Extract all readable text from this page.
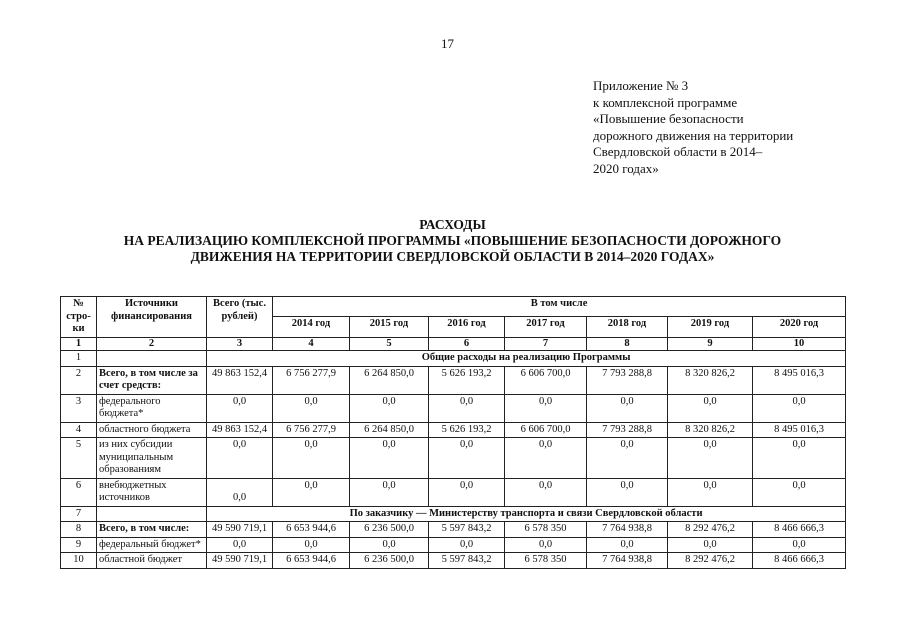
17
Приложение № 3
к комплексной программе
«Повышение безопасности
дорожного движения на территории
Свердловской области в 2014–
2020 годах»
РАСХОДЫ
НА РЕАЛИЗАЦИЮ КОМПЛЕКСНОЙ ПРОГРАММЫ «ПОВЫШЕНИЕ БЕЗОПАСНОСТИ ДОРОЖНОГО
ДВИЖЕНИЯ НА ТЕРРИТОРИИ СВЕРДЛОВСКОЙ ОБЛАСТИ В 2014–2020 ГОДАХ»
№ стро-ки	Источники финансирования	Всего (тыс. рублей)	В том числе						
			2014 год	2015 год	2016 год	2017 год	2018 год	2019 год	2020 год
1	2	3	4	5	6	7	8	9	10
1		Общие расходы на реализацию Программы							
2	Всего, в том числе за счет средств:	49 863 152,4	6 756 277,9	6 264 850,0	5 626 193,2	6 606 700,0	7 793 288,8	8 320 826,2	8 495 016,3
3	федерального бюджета*	0,0	0,0	0,0	0,0	0,0	0,0	0,0	0,0
4	областного бюджета	49 863 152,4	6 756 277,9	6 264 850,0	5 626 193,2	6 606 700,0	7 793 288,8	8 320 826,2	8 495 016,3
5	из них субсидии муниципальным образованиям	0,0	0,0	0,0	0,0	0,0	0,0	0,0	0,0
6	внебюджетных источников	0,0	0,0	0,0	0,0	0,0	0,0	0,0	0,0
7		По заказчику — Министерству транспорта и связи Свердловской области							
8	Всего, в том числе:	49 590 719,1	6 653 944,6	6 236 500,0	5 597 843,2	6 578 350	7 764 938,8	8 292 476,2	8 466 666,3
9	федеральный бюджет*	0,0	0,0	0,0	0,0	0,0	0,0	0,0	0,0
10	областной бюджет	49 590 719,1	6 653 944,6	6 236 500,0	5 597 843,2	6 578 350	7 764 938,8	8 292 476,2	8 466 666,3
